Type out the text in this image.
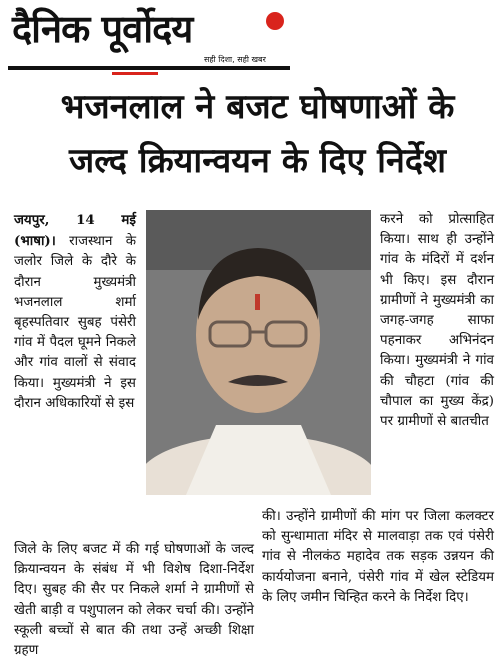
दैनिक पूर्वोदय
सही दिशा, सही खबर
भजनलाल ने बजट घोषणाओं के
जल्द क्रियान्वयन के दिए निर्देश
जयपुर, 14 मई (भाषा)। राजस्थान के जलोर जिले के दौरे के दौरान मुख्यमंत्री भजनलाल शर्मा बृहस्पतिवार सुबह पंसेरी गांव में पैदल घूमने निकले और गांव वालों से संवाद किया। मुख्यमंत्री ने इस दौरान अधिकारियों से इस
करने को प्रोत्साहित किया। साथ ही उन्होंने गांव के मंदिरों में दर्शन भी किए। इस दौरान ग्रामीणों ने मुख्यमंत्री का जगह-जगह साफा पहनाकर अभिनंदन किया। मुख्यमंत्री ने गांव की चौहटा (गांव की चौपाल का मुख्य केंद्र) पर ग्रामीणों से बातचीत
जिले के लिए बजट में की गई घोषणाओं के जल्द क्रियान्वयन के संबंध में भी विशेष दिशा-निर्देश दिए। सुबह की सैर पर निकले शर्मा ने ग्रामीणों से खेती बाड़ी व पशुपालन को लेकर चर्चा की। उन्होंने स्कूली बच्चों से बात की तथा उन्हें अच्छी शिक्षा ग्रहण
की। उन्होंने ग्रामीणों की मांग पर जिला कलक्टर को सुन्धामाता मंदिर से मालवाड़ा तक एवं पंसेरी गांव से नीलकंठ महादेव तक सड़क उन्नयन की कार्ययोजना बनाने, पंसेरी गांव में खेल स्टेडियम के लिए जमीन चिन्हित करने के निर्देश दिए।
